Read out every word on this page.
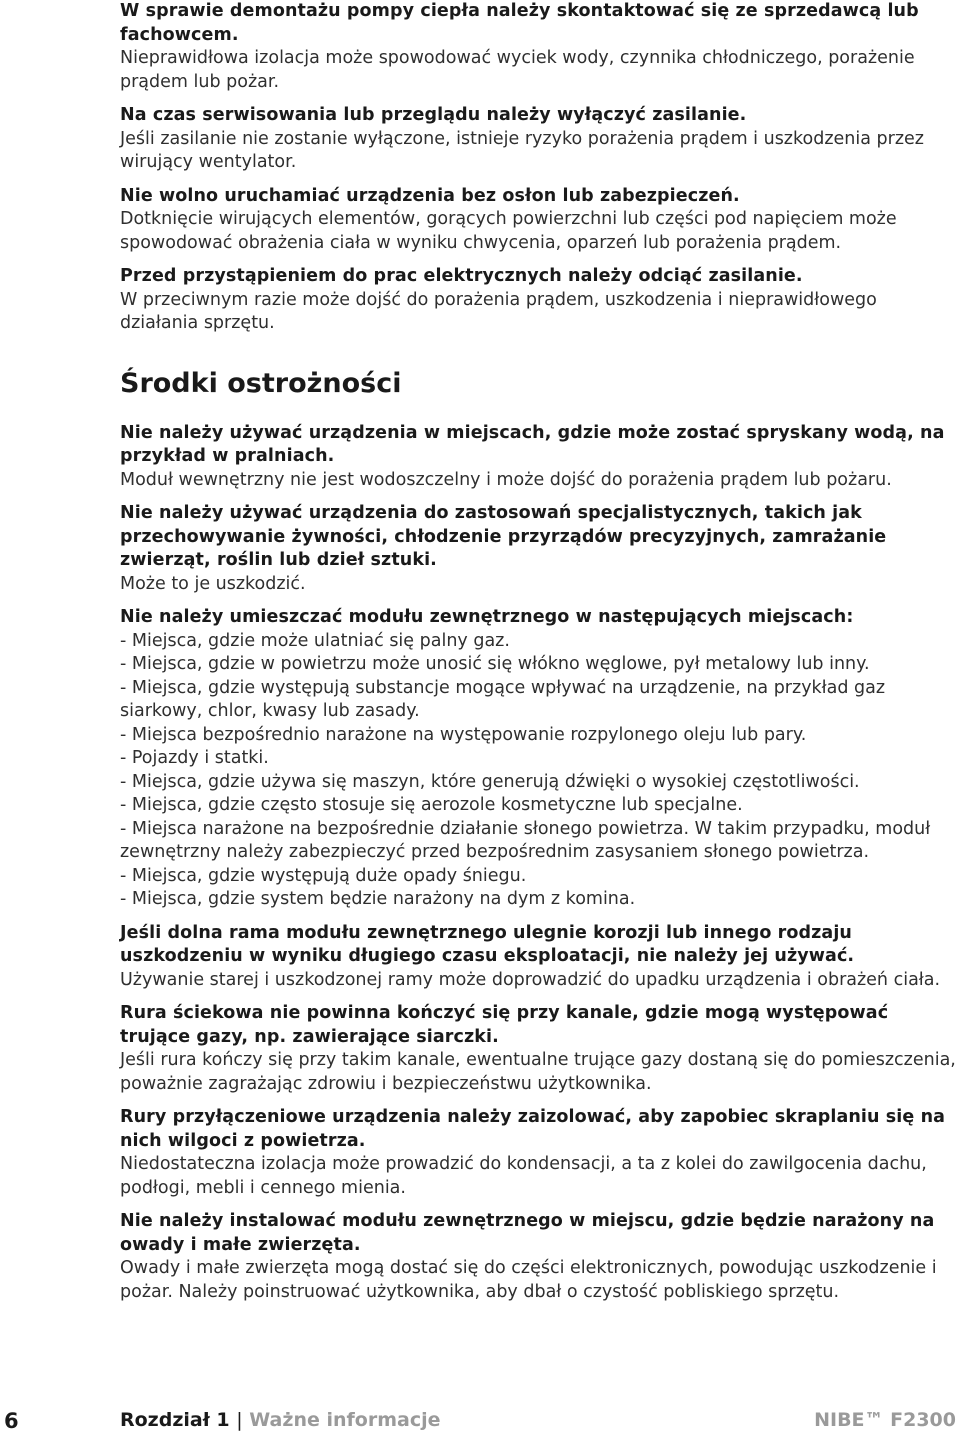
W sprawie demontażu pompy ciepła należy skontaktować się ze sprzedawcą lub fachowcem.
Nieprawidłowa izolacja może spowodować wyciek wody, czynnika chłodniczego, porażenie prądem lub pożar.
Na czas serwisowania lub przeglądu należy wyłączyć zasilanie.
Jeśli zasilanie nie zostanie wyłączone, istnieje ryzyko porażenia prądem i uszkodzenia przez wirujący wentylator.
Nie wolno uruchamiać urządzenia bez osłon lub zabezpieczeń.
Dotknięcie wirujących elementów, gorących powierzchni lub części pod napięciem może spowodować obrażenia ciała w wyniku chwycenia, oparzeń lub porażenia prądem.
Przed przystąpieniem do prac elektrycznych należy odciąć zasilanie.
W przeciwnym razie może dojść do porażenia prądem, uszkodzenia i nieprawidłowego działania sprzętu.
Środki ostrożności
Nie należy używać urządzenia w miejscach, gdzie może zostać spryskany wodą, na przykład w pralniach.
Moduł wewnętrzny nie jest wodoszczelny i może dojść do porażenia prądem lub pożaru.
Nie należy używać urządzenia do zastosowań specjalistycznych, takich jak przechowywanie żywności, chłodzenie przyrządów precyzyjnych, zamrażanie zwierząt, roślin lub dzieł sztuki.
Może to je uszkodzić.
Nie należy umieszczać modułu zewnętrznego w następujących miejscach:
- Miejsca, gdzie może ulatniać się palny gaz.
- Miejsca, gdzie w powietrzu może unosić się włókno węglowe, pył metalowy lub inny.
- Miejsca, gdzie występują substancje mogące wpływać na urządzenie, na przykład gaz siarkowy, chlor, kwasy lub zasady.
- Miejsca bezpośrednio narażone na występowanie rozpylonego oleju lub pary.
- Pojazdy i statki.
- Miejsca, gdzie używa się maszyn, które generują dźwięki o wysokiej częstotliwości.
- Miejsca, gdzie często stosuje się aerozole kosmetyczne lub specjalne.
- Miejsca narażone na bezpośrednie działanie słonego powietrza. W takim przypadku, moduł zewnętrzny należy zabezpieczyć przed bezpośrednim zasysaniem słonego powietrza.
- Miejsca, gdzie występują duże opady śniegu.
- Miejsca, gdzie system będzie narażony na dym z komina.
Jeśli dolna rama modułu zewnętrznego ulegnie korozji lub innego rodzaju uszkodzeniu w wyniku długiego czasu eksploatacji, nie należy jej używać.
Używanie starej i uszkodzonej ramy może doprowadzić do upadku urządzenia i obrażeń ciała.
Rura ściekowa nie powinna kończyć się przy kanale, gdzie mogą występować trujące gazy, np. zawierające siarczki.
Jeśli rura kończy się przy takim kanale, ewentualne trujące gazy dostaną się do pomieszczenia, poważnie zagrażając zdrowiu i bezpieczeństwu użytkownika.
Rury przyłączeniowe urządzenia należy zaizolować, aby zapobiec skraplaniu się na nich wilgoci z powietrza.
Niedostateczna izolacja może prowadzić do kondensacji, a ta z kolei do zawilgocenia dachu, podłogi, mebli i cennego mienia.
Nie należy instalować modułu zewnętrznego w miejscu, gdzie będzie narażony na owady i małe zwierzęta.
Owady i małe zwierzęta mogą dostać się do części elektronicznych, powodując uszkodzenie i pożar. Należy poinstruować użytkownika, aby dbał o czystość pobliskiego sprzętu.
6	Rozdział 1 | Ważne informacje	NIBE™ F2300
